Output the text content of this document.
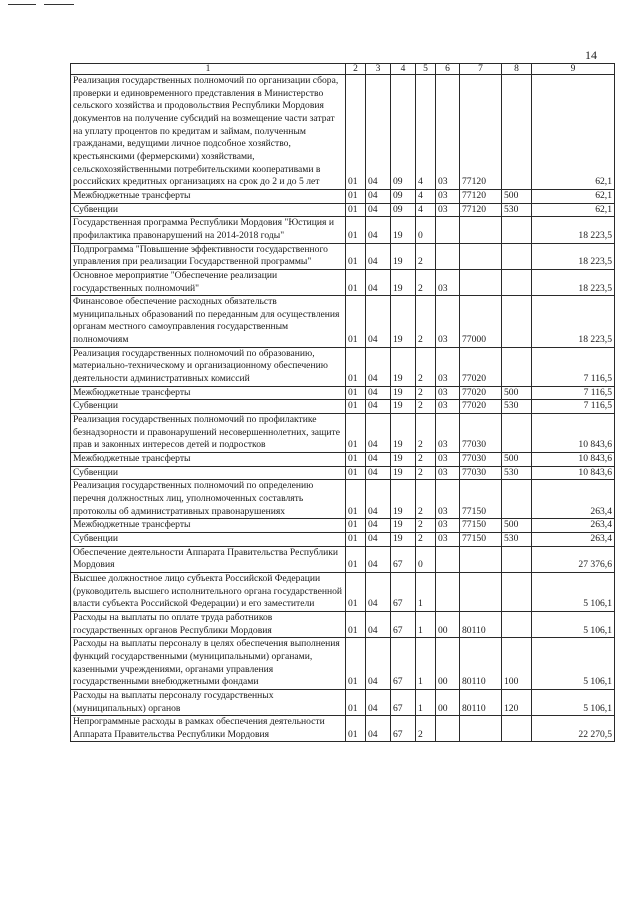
14
1	2	3	4	5	6	7	8	9
Реализация государственных полномочий по организации сбора, проверки и единовременного представления в Министерство сельского хозяйства и продовольствия Республики Мордовия документов на получение субсидий на возмещение части затрат на уплату процентов по кредитам и займам, полученным гражданами, ведущими личное подсобное хозяйство, крестьянскими (фермерскими) хозяйствами, сельскохозяйственными потребительскими кооперативами в российских кредитных организациях на срок до 2 и до 5 лет	01	04	09	4	03	77120		62,1
Межбюджетные трансферты	01	04	09	4	03	77120	500	62,1
Субвенции	01	04	09	4	03	77120	530	62,1
Государственная программа Республики Мордовия "Юстиция и профилактика правонарушений на 2014-2018 годы"	01	04	19	0				18 223,5
Подпрограмма "Повышение эффективности государственного управления при реализации Государственной программы"	01	04	19	2				18 223,5
Основное мероприятие "Обеспечение реализации государственных полномочий"	01	04	19	2	03			18 223,5
Финансовое обеспечение расходных обязательств муниципальных образований по переданным для осуществления органам местного самоуправления государственным полномочиям	01	04	19	2	03	77000		18 223,5
Реализация государственных полномочий по образованию, материально-техническому и организационному обеспечению деятельности административных комиссий	01	04	19	2	03	77020		7 116,5
Межбюджетные трансферты	01	04	19	2	03	77020	500	7 116,5
Субвенции	01	04	19	2	03	77020	530	7 116,5
Реализация государственных полномочий по профилактике безнадзорности и правонарушений несовершеннолетних, защите прав и законных интересов детей и подростков	01	04	19	2	03	77030		10 843,6
Межбюджетные трансферты	01	04	19	2	03	77030	500	10 843,6
Субвенции	01	04	19	2	03	77030	530	10 843,6
Реализация государственных полномочий по определению перечня должностных лиц, уполномоченных составлять протоколы об административных правонарушениях	01	04	19	2	03	77150		263,4
Межбюджетные трансферты	01	04	19	2	03	77150	500	263,4
Субвенции	01	04	19	2	03	77150	530	263,4
Обеспечение деятельности Аппарата Правительства Республики Мордовия	01	04	67	0				27 376,6
Высшее должностное лицо субъекта Российской Федерации (руководитель высшего исполнительного органа государственной власти субъекта Российской Федерации) и его заместители	01	04	67	1				5 106,1
Расходы на выплаты по оплате труда работников государственных органов Республики Мордовия	01	04	67	1	00	80110		5 106,1
Расходы на выплаты персоналу в целях обеспечения выполнения функций государственными (муниципальными) органами, казенными учреждениями, органами управления государственными внебюджетными фондами	01	04	67	1	00	80110	100	5 106,1
Расходы на выплаты персоналу государственных (муниципальных) органов	01	04	67	1	00	80110	120	5 106,1
Непрограммные расходы в рамках обеспечения деятельности Аппарата Правительства Республики Мордовия	01	04	67	2				22 270,5
